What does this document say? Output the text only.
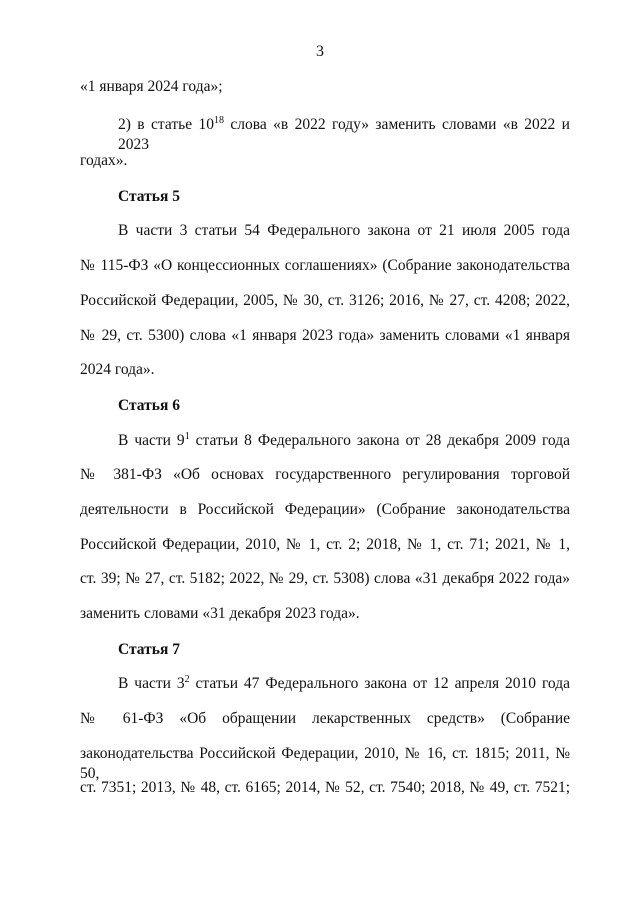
3
«1 января 2024 года»;
2) в статье $10^{18}$ слова «в 2022 году» заменить словами «в 2022 и 2023
годах».
Статья 5
В части 3 статьи 54 Федерального закона от 21 июля 2005 года
№ 115-ФЗ «О концессионных соглашениях» (Собрание законодательства
Российской Федерации, 2005, № 30, ст. 3126; 2016, № 27, ст. 4208; 2022,
№ 29, ст. 5300) слова «1 января 2023 года» заменить словами «1 января
2024 года».
Статья 6
В части $9^1$ статьи 8 Федерального закона от 28 декабря 2009 года
№ 381-ФЗ «Об основах государственного регулирования торговой
деятельности в Российской Федерации» (Собрание законодательства
Российской Федерации, 2010, № 1, ст. 2; 2018, № 1, ст. 71; 2021, № 1,
ст. 39; № 27, ст. 5182; 2022, № 29, ст. 5308) слова «31 декабря 2022 года»
заменить словами «31 декабря 2023 года».
Статья 7
В части $3^2$ статьи 47 Федерального закона от 12 апреля 2010 года
№ 61-ФЗ «Об обращении лекарственных средств» (Собрание
законодательства Российской Федерации, 2010, № 16, ст. 1815; 2011, № 50,
ст. 7351; 2013, № 48, ст. 6165; 2014, № 52, ст. 7540; 2018, № 49, ст. 7521;
